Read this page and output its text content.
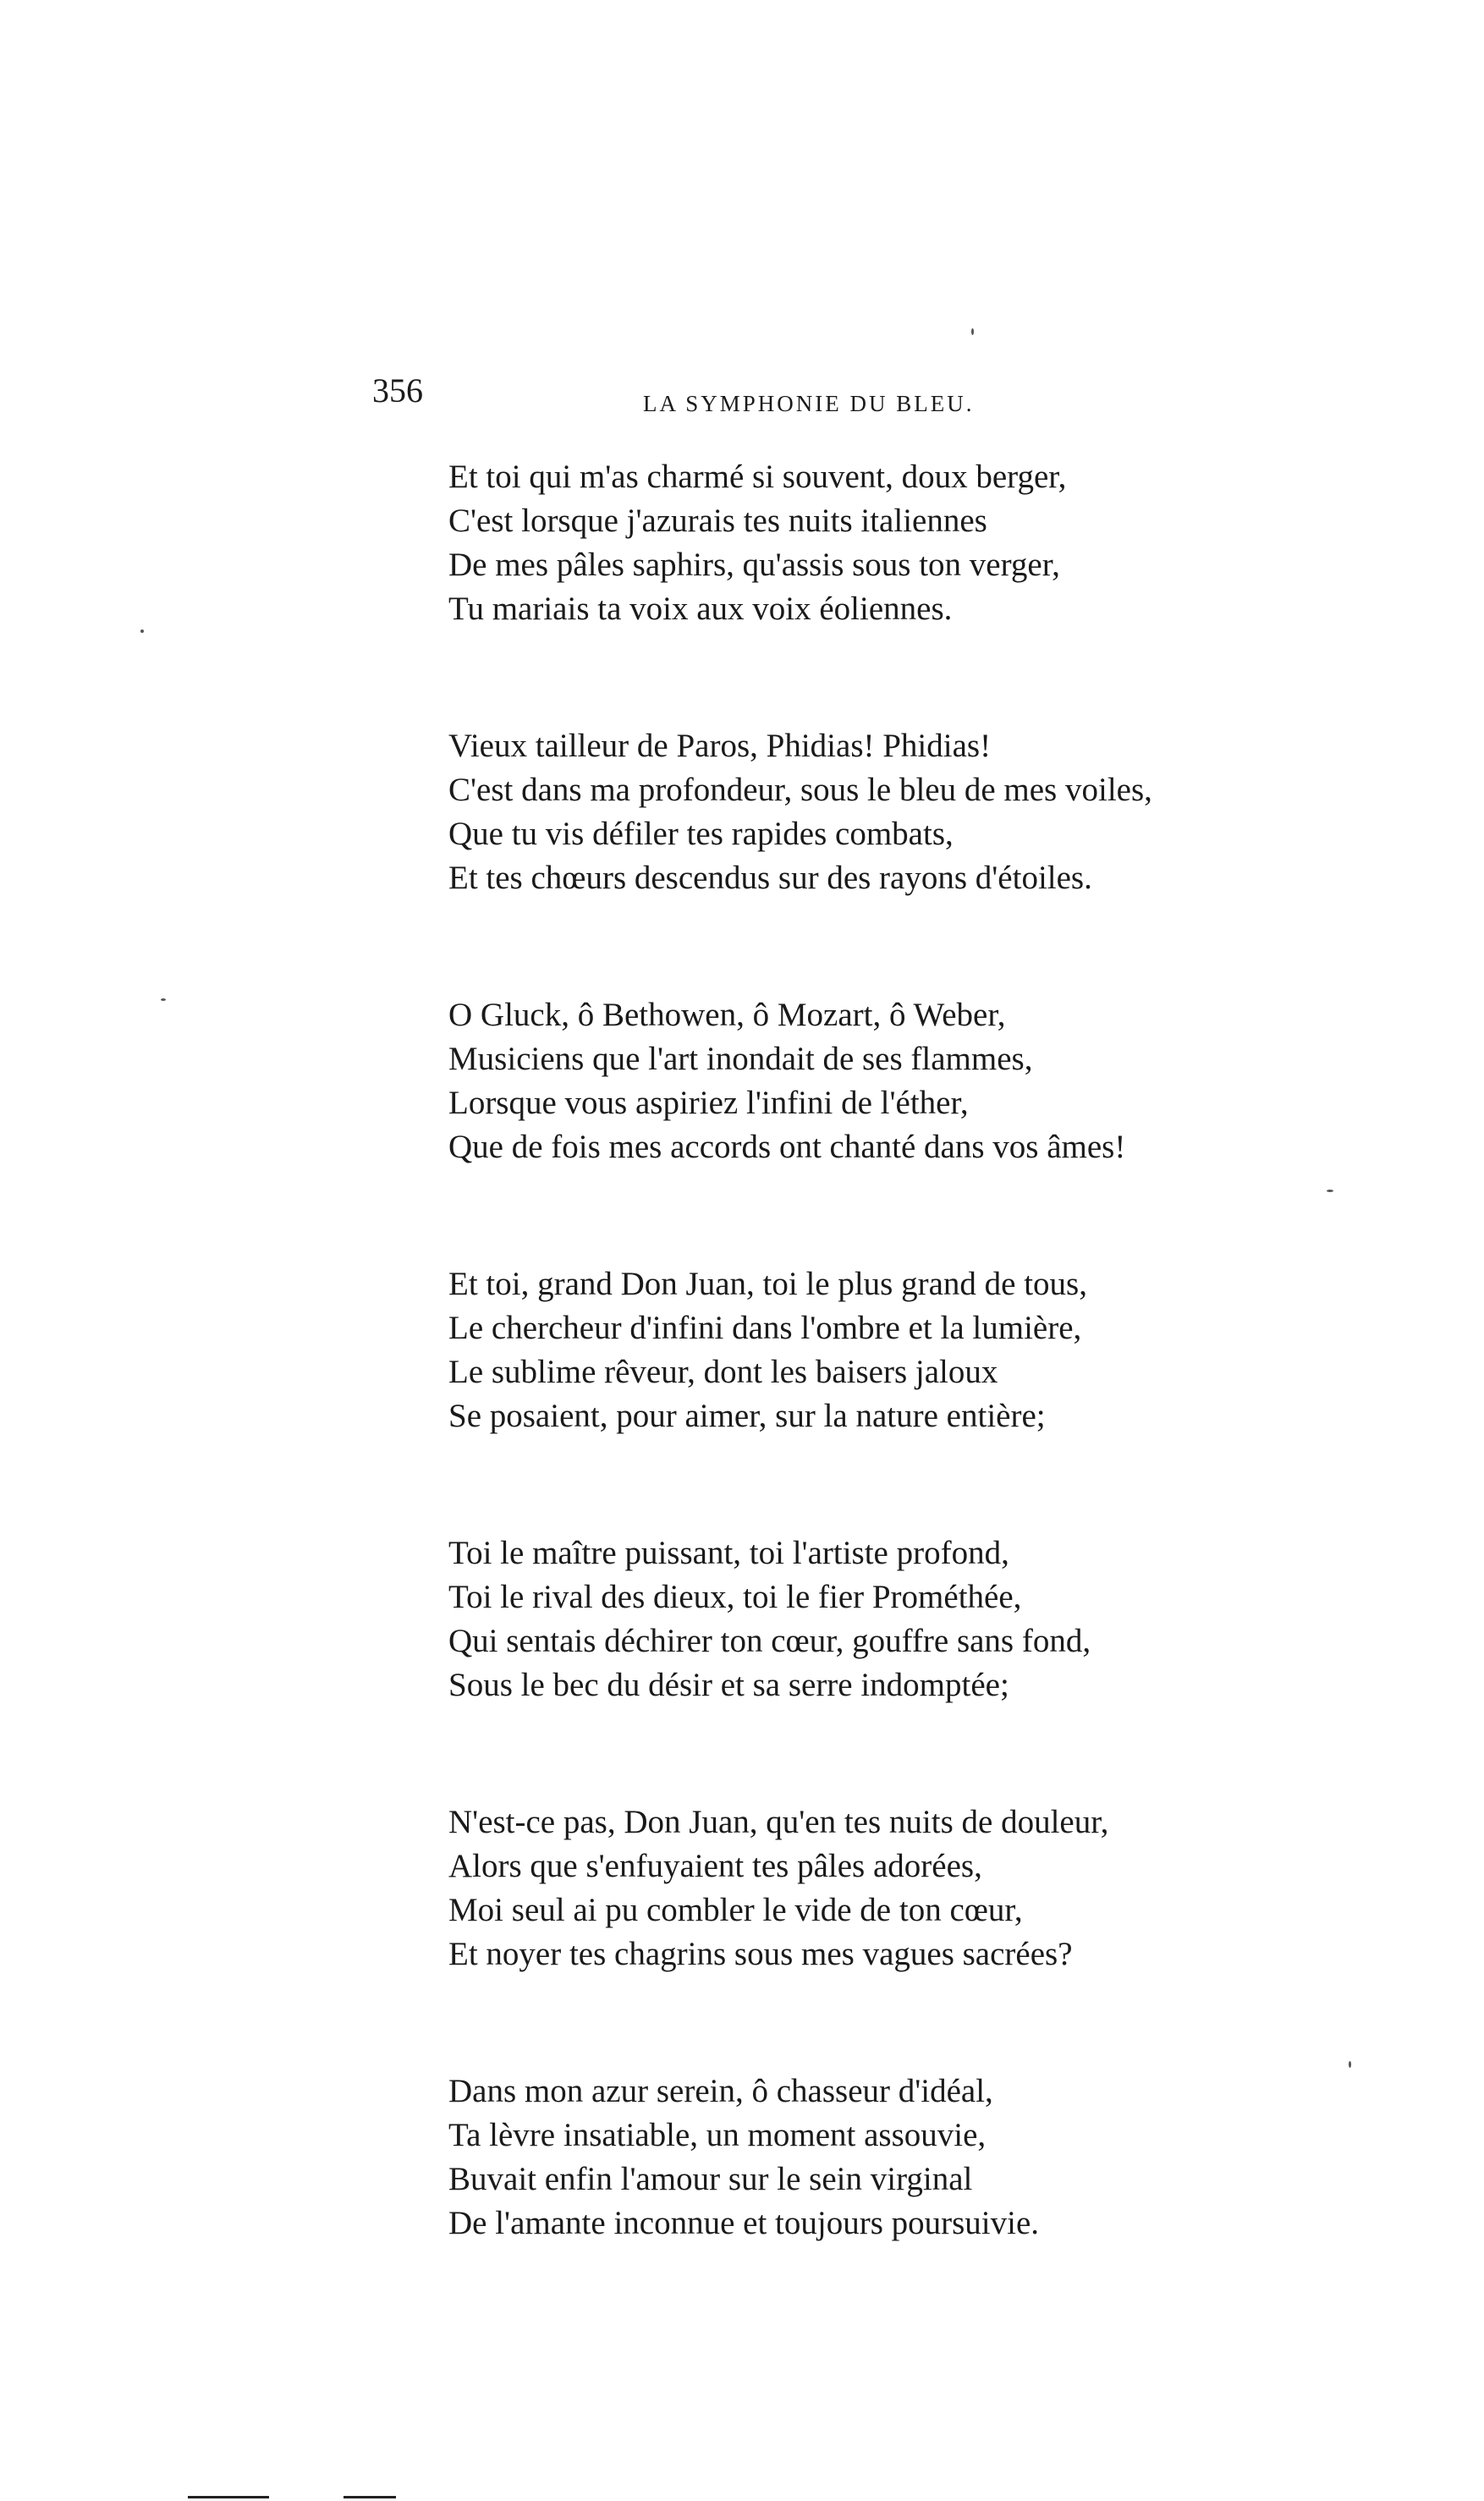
356	LA SYMPHONIE DU BLEU.
Et toi qui m'as charmé si souvent, doux berger,
C'est lorsque j'azurais tes nuits italiennes
De mes pâles saphirs, qu'assis sous ton verger,
Tu mariais ta voix aux voix éoliennes.
Vieux tailleur de Paros, Phidias! Phidias!
C'est dans ma profondeur, sous le bleu de mes voiles,
Que tu vis défiler tes rapides combats,
Et tes chœurs descendus sur des rayons d'étoiles.
O Gluck, ô Bethowen, ô Mozart, ô Weber,
Musiciens que l'art inondait de ses flammes,
Lorsque vous aspiriez l'infini de l'éther,
Que de fois mes accords ont chanté dans vos âmes!
Et toi, grand Don Juan, toi le plus grand de tous,
Le chercheur d'infini dans l'ombre et la lumière,
Le sublime rêveur, dont les baisers jaloux
Se posaient, pour aimer, sur la nature entière;
Toi le maître puissant, toi l'artiste profond,
Toi le rival des dieux, toi le fier Prométhée,
Qui sentais déchirer ton cœur, gouffre sans fond,
Sous le bec du désir et sa serre indomptée;
N'est-ce pas, Don Juan, qu'en tes nuits de douleur,
Alors que s'enfuyaient tes pâles adorées,
Moi seul ai pu combler le vide de ton cœur,
Et noyer tes chagrins sous mes vagues sacrées?
Dans mon azur serein, ô chasseur d'idéal,
Ta lèvre insatiable, un moment assouvie,
Buvait enfin l'amour sur le sein virginal
De l'amante inconnue et toujours poursuivie.
